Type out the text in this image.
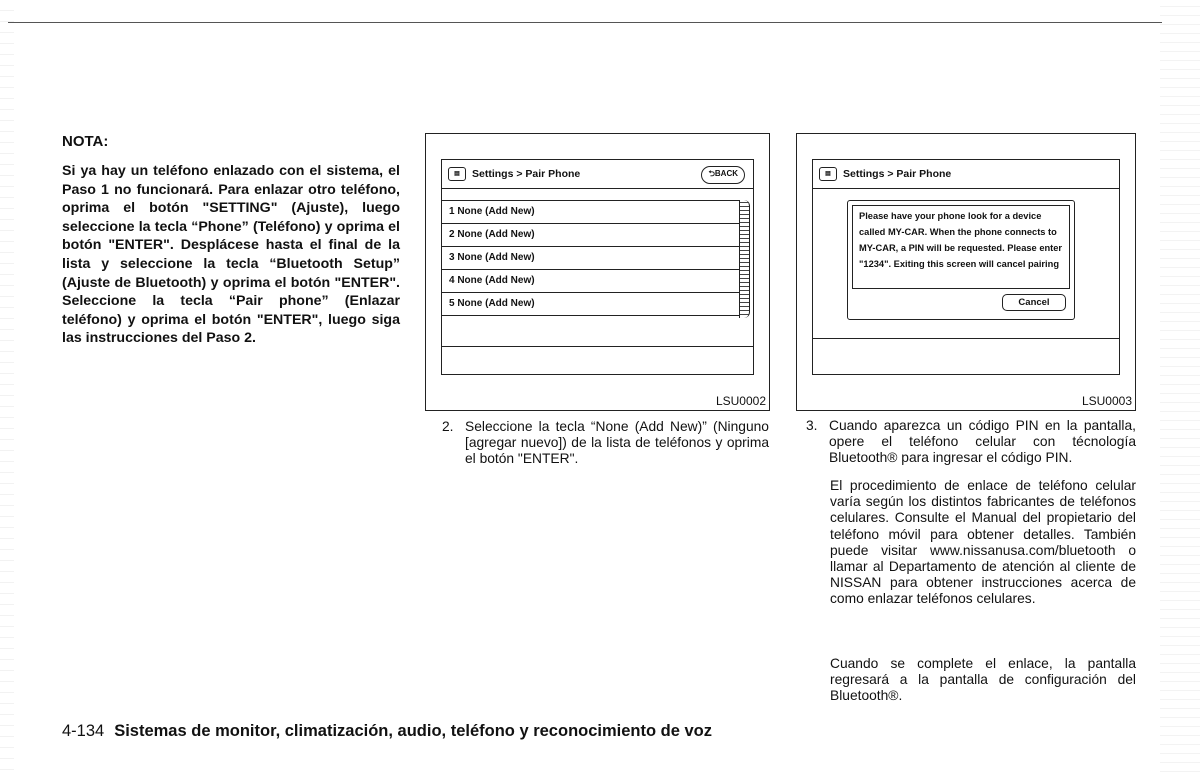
NOTA:
Si ya hay un teléfono enlazado con el sistema, el Paso 1 no funcionará. Para enlazar otro teléfono, oprima el botón "SETTING" (Ajuste), luego seleccione la tecla “Phone” (Teléfono) y oprima el botón "ENTER". Desplácese hasta el final de la lista y seleccione la tecla “Bluetooth Setup” (Ajuste de Bluetooth) y oprima el botón "ENTER". Seleccione la tecla “Pair phone” (Enlazar teléfono) y oprima el botón "ENTER", luego siga las instrucciones del Paso 2.
▤	Settings > Pair Phone	⮌BACK
1 None (Add New)
2 None (Add New)
3 None (Add New)
4 None (Add New)
5 None (Add New)
LSU0002
▤	Settings > Pair Phone
Please have your phone look for a device called MY-CAR. When the phone connects to MY-CAR, a PIN will be requested. Please enter "1234". Exiting this screen will cancel pairing
Cancel
LSU0003
2. Seleccione la tecla “None (Add New)” (Ninguno [agregar nuevo]) de la lista de teléfonos y oprima el botón "ENTER".
3. Cuando aparezca un código PIN en la pantalla, opere el teléfono celular con técnología Bluetooth® para ingresar el código PIN.
El procedimiento de enlace de teléfono celular varía según los distintos fabricantes de teléfonos celulares. Consulte el Manual del propietario del teléfono móvil para obtener detalles. También puede visitar www.nissanusa.com/bluetooth o llamar al Departamento de atención al cliente de NISSAN para obtener instrucciones acerca de como enlazar teléfonos celulares.
Cuando se complete el enlace, la pantalla regresará a la pantalla de configuración del Bluetooth®.
4-134 Sistemas de monitor, climatización, audio, teléfono y reconocimiento de voz
